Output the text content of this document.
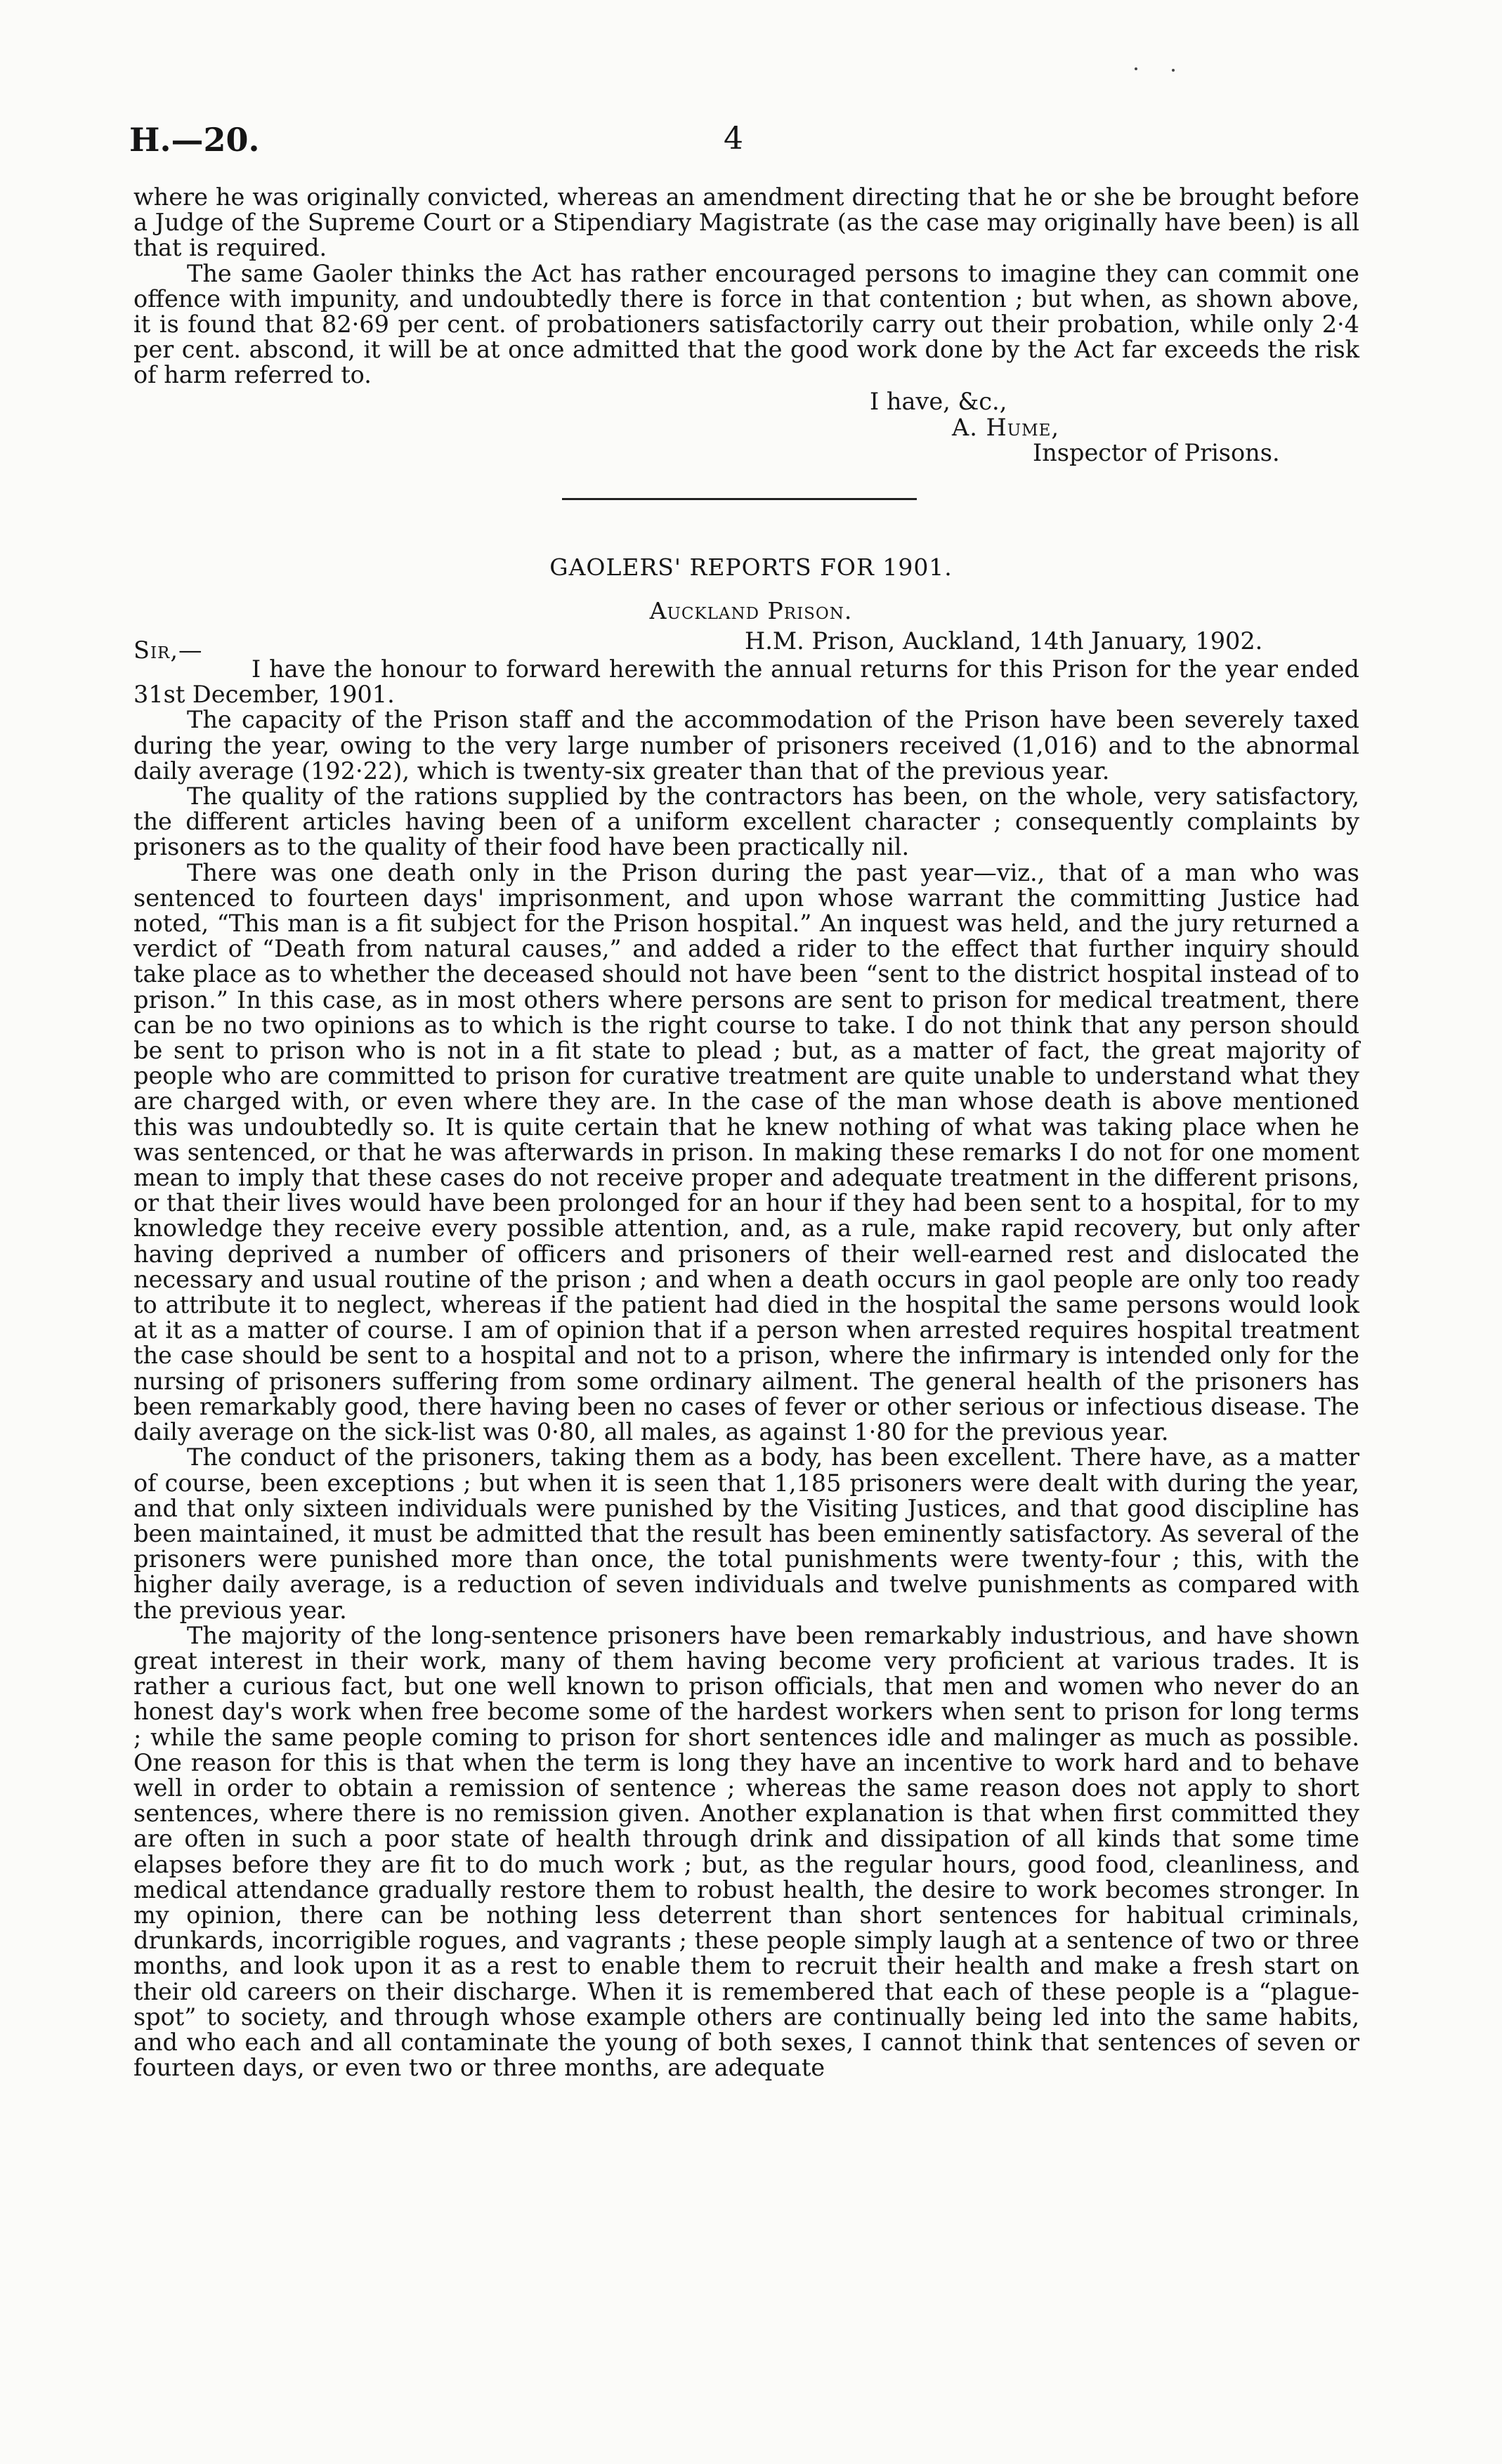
H.—20.	4

where he was originally convicted, whereas an amendment directing that he or she be brought before a Judge of the Supreme Court or a Stipendiary Magistrate (as the case may originally have been) is all that is required.

The same Gaoler thinks the Act has rather encouraged persons to imagine they can commit one offence with impunity, and undoubtedly there is force in that contention ; but when, as shown above, it is found that 82·69 per cent. of probationers satisfactorily carry out their probation, while only 2·4 per cent. abscond, it will be at once admitted that the good work done by the Act far exceeds the risk of harm referred to.

I have, &c.,
A. Hume,
Inspector of Prisons.
GAOLERS' REPORTS FOR 1901.
Auckland Prison.
Sir,—	H.M. Prison, Auckland, 14th January, 1902.

I have the honour to forward herewith the annual returns for this Prison for the year ended 31st December, 1901.

The capacity of the Prison staff and the accommodation of the Prison have been severely taxed during the year, owing to the very large number of prisoners received (1,016) and to the abnormal daily average (192·22), which is twenty-six greater than that of the previous year.

The quality of the rations supplied by the contractors has been, on the whole, very satisfactory, the different articles having been of a uniform excellent character ; consequently complaints by prisoners as to the quality of their food have been practically nil.

There was one death only in the Prison during the past year—viz., that of a man who was sentenced to fourteen days' imprisonment, and upon whose warrant the committing Justice had noted, “This man is a fit subject for the Prison hospital.” An inquest was held, and the jury returned a verdict of “Death from natural causes,” and added a rider to the effect that further inquiry should take place as to whether the deceased should not have been “sent to the district hospital instead of to prison.” In this case, as in most others where persons are sent to prison for medical treatment, there can be no two opinions as to which is the right course to take. I do not think that any person should be sent to prison who is not in a fit state to plead ; but, as a matter of fact, the great majority of people who are committed to prison for curative treatment are quite unable to understand what they are charged with, or even where they are. In the case of the man whose death is above mentioned this was undoubtedly so. It is quite certain that he knew nothing of what was taking place when he was sentenced, or that he was afterwards in prison. In making these remarks I do not for one moment mean to imply that these cases do not receive proper and adequate treatment in the different prisons, or that their lives would have been prolonged for an hour if they had been sent to a hospital, for to my knowledge they receive every possible attention, and, as a rule, make rapid recovery, but only after having deprived a number of officers and prisoners of their well-earned rest and dislocated the necessary and usual routine of the prison ; and when a death occurs in gaol people are only too ready to attribute it to neglect, whereas if the patient had died in the hospital the same persons would look at it as a matter of course. I am of opinion that if a person when arrested requires hospital treatment the case should be sent to a hospital and not to a prison, where the infirmary is intended only for the nursing of prisoners suffering from some ordinary ailment. The general health of the prisoners has been remarkably good, there having been no cases of fever or other serious or infectious disease. The daily average on the sick-list was 0·80, all males, as against 1·80 for the previous year.

The conduct of the prisoners, taking them as a body, has been excellent. There have, as a matter of course, been exceptions ; but when it is seen that 1,185 prisoners were dealt with during the year, and that only sixteen individuals were punished by the Visiting Justices, and that good discipline has been maintained, it must be admitted that the result has been eminently satisfactory. As several of the prisoners were punished more than once, the total punishments were twenty-four ; this, with the higher daily average, is a reduction of seven individuals and twelve punishments as compared with the previous year.

The majority of the long-sentence prisoners have been remarkably industrious, and have shown great interest in their work, many of them having become very proficient at various trades. It is rather a curious fact, but one well known to prison officials, that men and women who never do an honest day's work when free become some of the hardest workers when sent to prison for long terms ; while the same people coming to prison for short sentences idle and malinger as much as possible. One reason for this is that when the term is long they have an incentive to work hard and to behave well in order to obtain a remission of sentence ; whereas the same reason does not apply to short sentences, where there is no remission given. Another explanation is that when first committed they are often in such a poor state of health through drink and dissipation of all kinds that some time elapses before they are fit to do much work ; but, as the regular hours, good food, cleanliness, and medical attendance gradually restore them to robust health, the desire to work becomes stronger. In my opinion, there can be nothing less deterrent than short sentences for habitual criminals, drunkards, incorrigible rogues, and vagrants ; these people simply laugh at a sentence of two or three months, and look upon it as a rest to enable them to recruit their health and make a fresh start on their old careers on their discharge. When it is remembered that each of these people is a “plague-spot” to society, and through whose example others are continually being led into the same habits, and who each and all contaminate the young of both sexes, I cannot think that sentences of seven or fourteen days, or even two or three months, are adequate
